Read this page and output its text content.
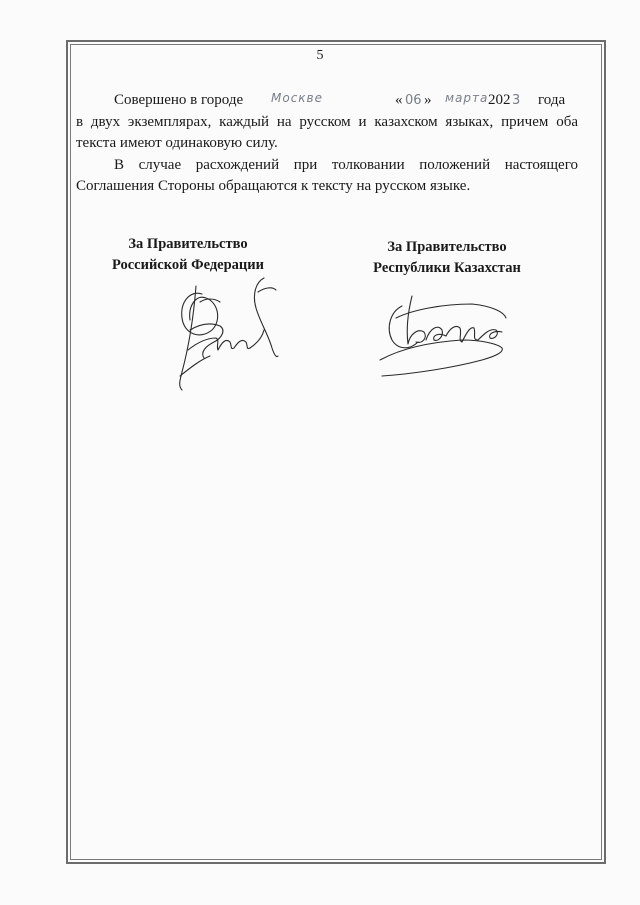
5
Совершено в городе Москве	« 06 » марта 202 3 года
в двух экземплярах, каждый на русском и казахском языках, причем оба
текста имеют одинаковую силу.
В случае расхождений при толковании положений настоящего
Соглашения Стороны обращаются к тексту на русском языке.
За Правительство
Российской Федерации
За Правительство
Республики Казахстан
